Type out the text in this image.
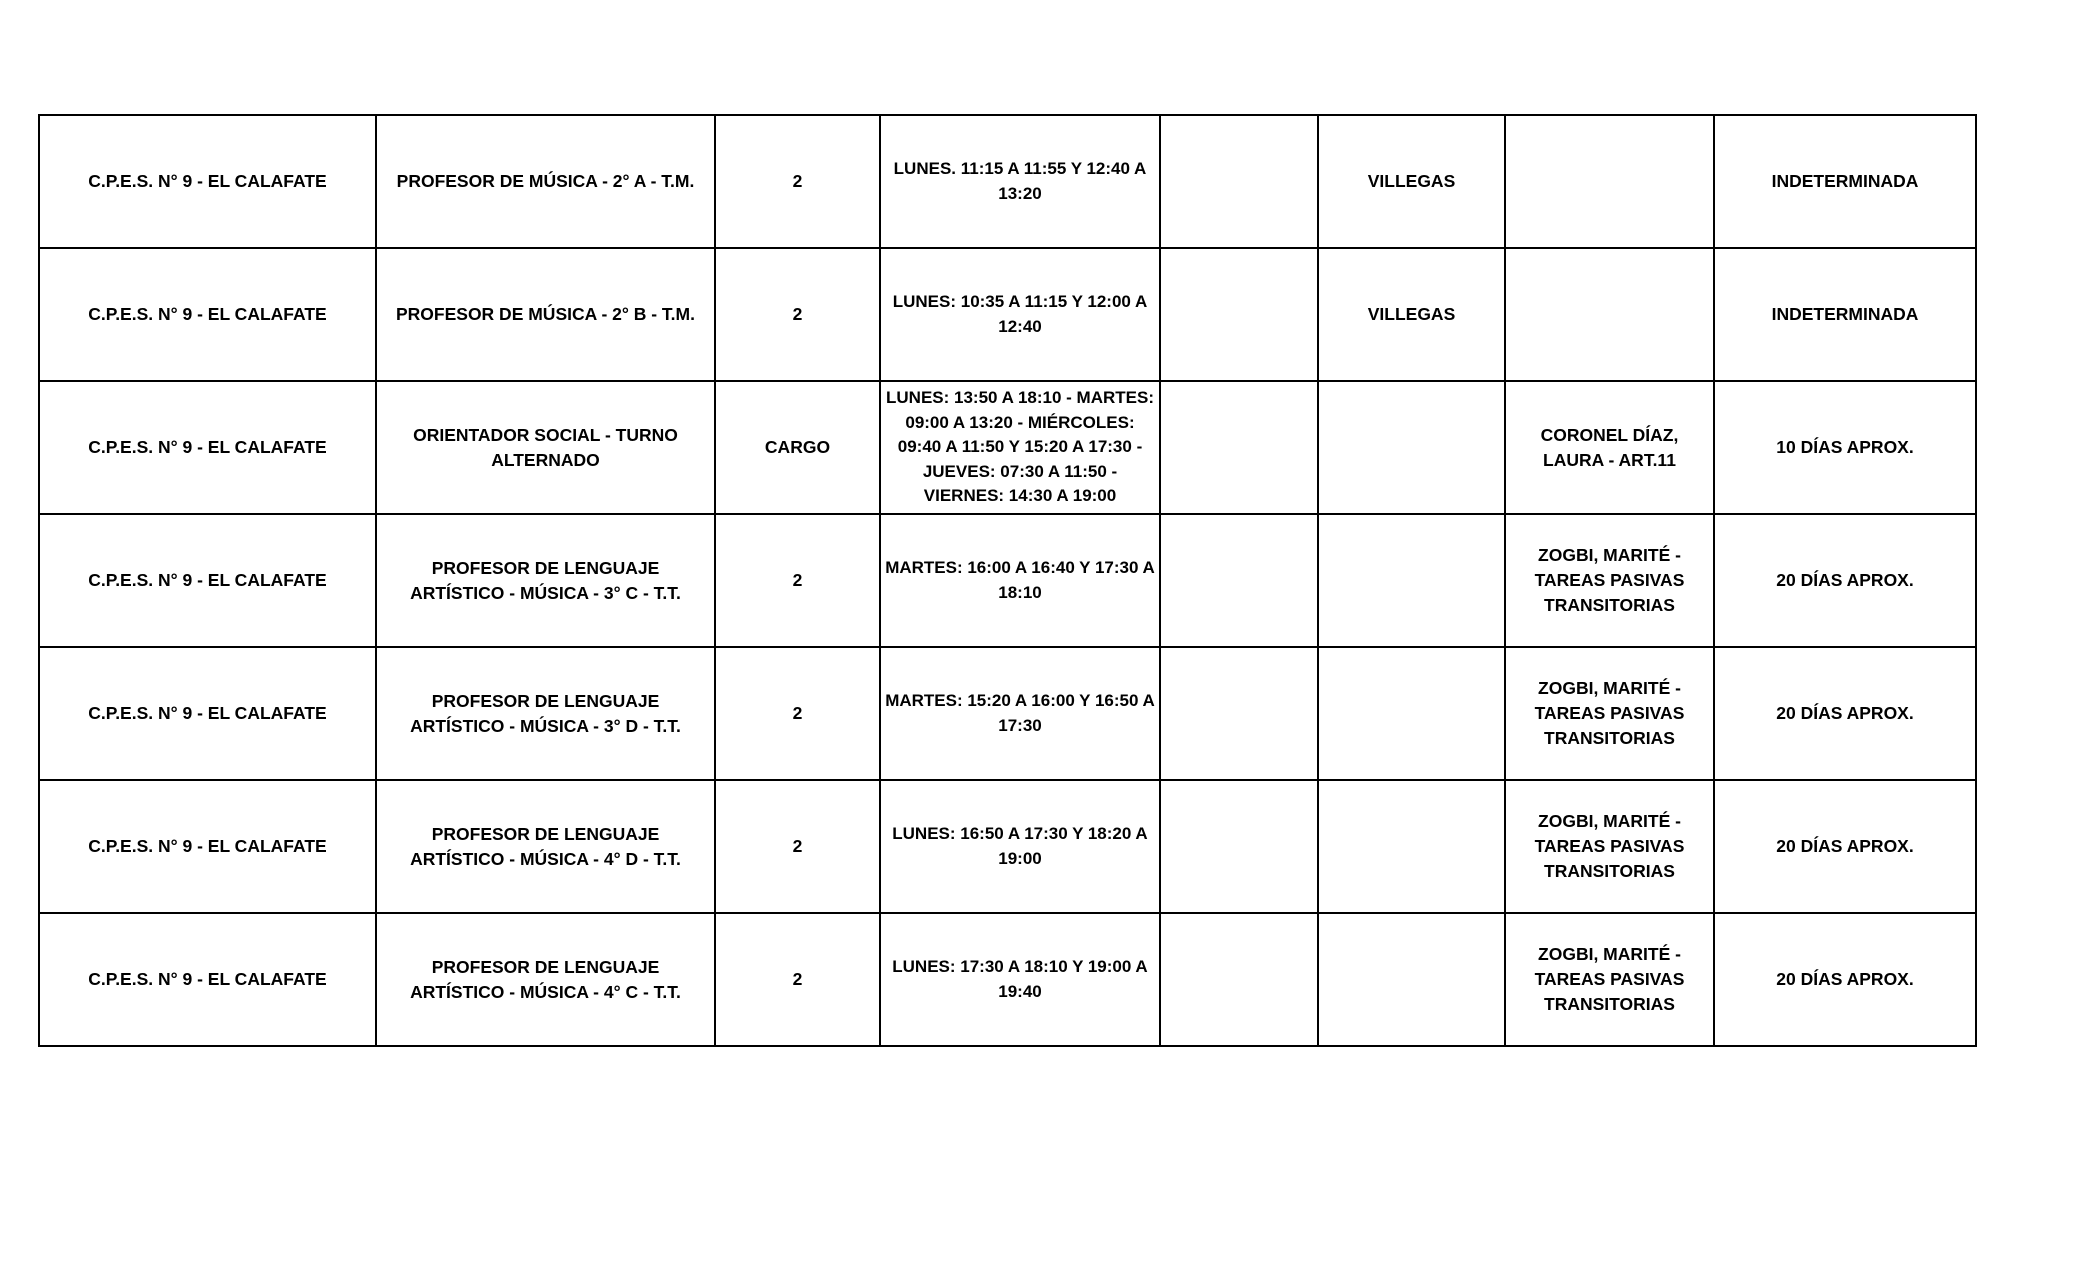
C.P.E.S. N° 9 - EL CALAFATE	PROFESOR DE MÚSICA - 2° A - T.M.	2	LUNES. 11:15 A 11:55 Y 12:40 A 13:20		VILLEGAS		INDETERMINADA
C.P.E.S. N° 9 - EL CALAFATE	PROFESOR DE MÚSICA - 2° B - T.M.	2	LUNES: 10:35 A 11:15 Y 12:00 A 12:40		VILLEGAS		INDETERMINADA
C.P.E.S. N° 9 - EL CALAFATE	ORIENTADOR SOCIAL - TURNO ALTERNADO	CARGO	LUNES: 13:50 A 18:10 - MARTES: 09:00 A 13:20 - MIÉRCOLES: 09:40 A 11:50 Y 15:20 A 17:30 - JUEVES: 07:30 A 11:50 - VIERNES: 14:30 A 19:00			CORONEL DÍAZ, LAURA - ART.11	10 DÍAS APROX.
C.P.E.S. N° 9 - EL CALAFATE	PROFESOR DE LENGUAJE ARTÍSTICO - MÚSICA - 3° C - T.T.	2	MARTES: 16:00 A 16:40 Y 17:30 A 18:10			ZOGBI, MARITÉ - TAREAS PASIVAS TRANSITORIAS	20 DÍAS APROX.
C.P.E.S. N° 9 - EL CALAFATE	PROFESOR DE LENGUAJE ARTÍSTICO - MÚSICA - 3° D - T.T.	2	MARTES: 15:20 A 16:00 Y 16:50 A 17:30			ZOGBI, MARITÉ - TAREAS PASIVAS TRANSITORIAS	20 DÍAS APROX.
C.P.E.S. N° 9 - EL CALAFATE	PROFESOR DE LENGUAJE ARTÍSTICO - MÚSICA - 4° D - T.T.	2	LUNES: 16:50 A 17:30 Y 18:20 A 19:00			ZOGBI, MARITÉ - TAREAS PASIVAS TRANSITORIAS	20 DÍAS APROX.
C.P.E.S. N° 9 - EL CALAFATE	PROFESOR DE LENGUAJE ARTÍSTICO - MÚSICA - 4° C - T.T.	2	LUNES: 17:30 A 18:10 Y 19:00 A 19:40			ZOGBI, MARITÉ - TAREAS PASIVAS TRANSITORIAS	20 DÍAS APROX.
